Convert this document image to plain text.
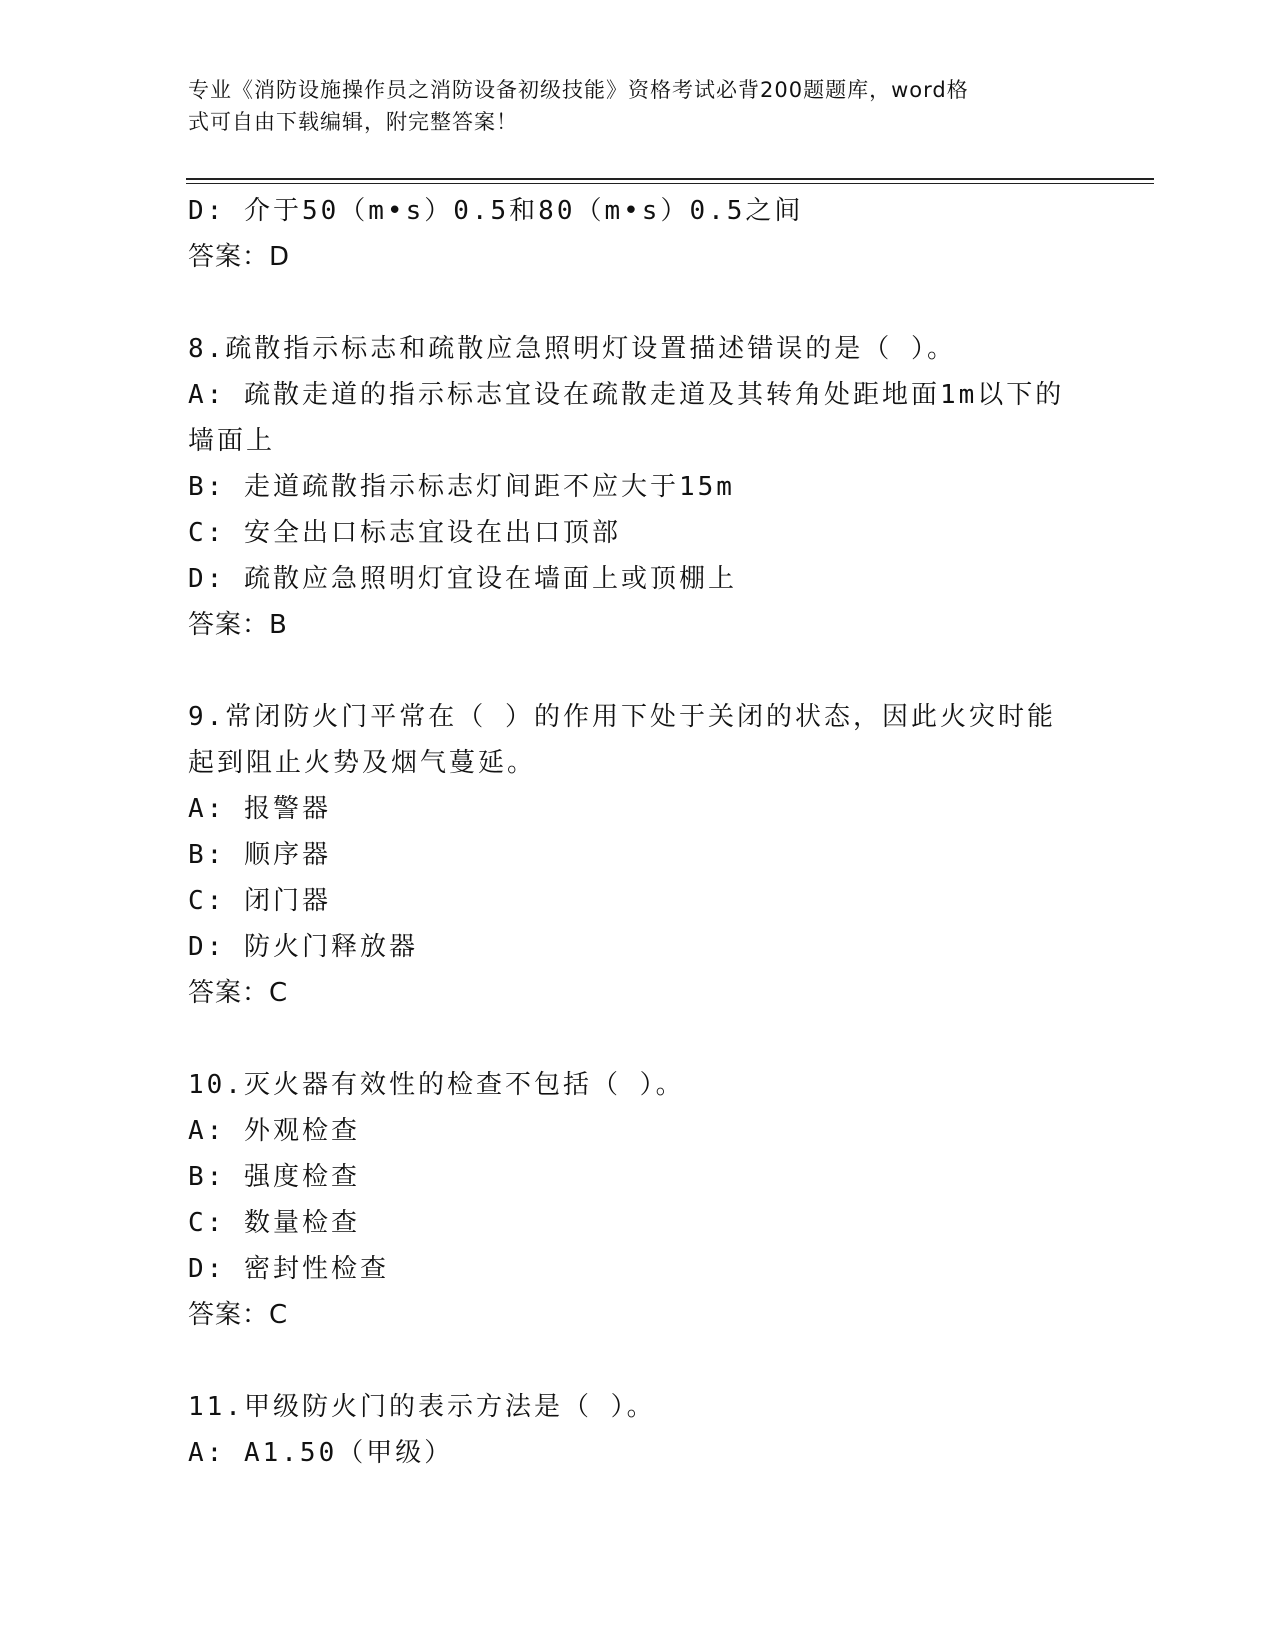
专业《消防设施操作员之消防设备初级技能》资格考试必背200题题库，word格
式可自由下载编辑，附完整答案！
D: 介于50（m•s）0.5和80（m•s）0.5之间
答案：D
8.疏散指示标志和疏散应急照明灯设置描述错误的是（ ）。
A: 疏散走道的指示标志宜设在疏散走道及其转角处距地面1m以下的
墙面上
B: 走道疏散指示标志灯间距不应大于15m
C: 安全出口标志宜设在出口顶部
D: 疏散应急照明灯宜设在墙面上或顶棚上
答案：B
9.常闭防火门平常在（ ）的作用下处于关闭的状态，因此火灾时能
起到阻止火势及烟气蔓延。
A: 报警器
B: 顺序器
C: 闭门器
D: 防火门释放器
答案：C
10.灭火器有效性的检查不包括（ ）。
A: 外观检查
B: 强度检查
C: 数量检查
D: 密封性检查
答案：C
11.甲级防火门的表示方法是（ ）。
A: A1.50（甲级）
